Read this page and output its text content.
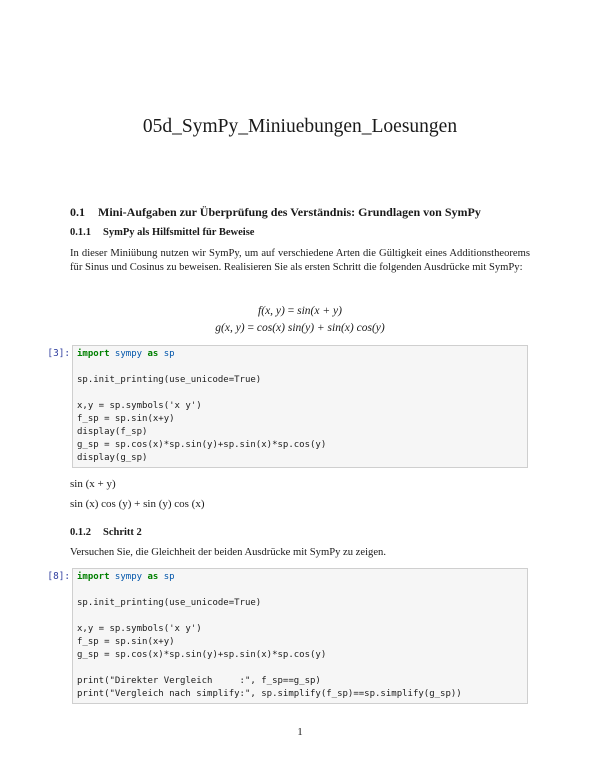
05d_SymPy_Miniuebungen_Loesungen
0.1 Mini-Aufgaben zur Überprüfung des Verständnis: Grundlagen von SymPy
0.1.1 SymPy als Hilfsmittel für Beweise
In dieser Miniübung nutzen wir SymPy, um auf verschiedene Arten die Gültigkeit eines Additionstheorems für Sinus und Cosinus zu beweisen. Realisieren Sie als ersten Schritt die folgenden Ausdrücke mit SymPy:
f(x, y) = sin(x + y)
g(x, y) = cos(x) sin(y) + sin(x) cos(y)
[3]: import sympy as sp

sp.init_printing(use_unicode=True)

x,y = sp.symbols('x y')
f_sp = sp.sin(x+y)
display(f_sp)
g_sp = sp.cos(x)*sp.sin(y)+sp.sin(x)*sp.cos(y)
display(g_sp)
sin (x + y)
sin (x) cos (y) + sin (y) cos (x)
0.1.2 Schritt 2
Versuchen Sie, die Gleichheit der beiden Ausdrücke mit SymPy zu zeigen.
[8]: import sympy as sp

sp.init_printing(use_unicode=True)

x,y = sp.symbols('x y')
f_sp = sp.sin(x+y)
g_sp = sp.cos(x)*sp.sin(y)+sp.sin(x)*sp.cos(y)

print("Direkter Vergleich     :", f_sp==g_sp)
print("Vergleich nach simplify:", sp.simplify(f_sp)==sp.simplify(g_sp))
1
